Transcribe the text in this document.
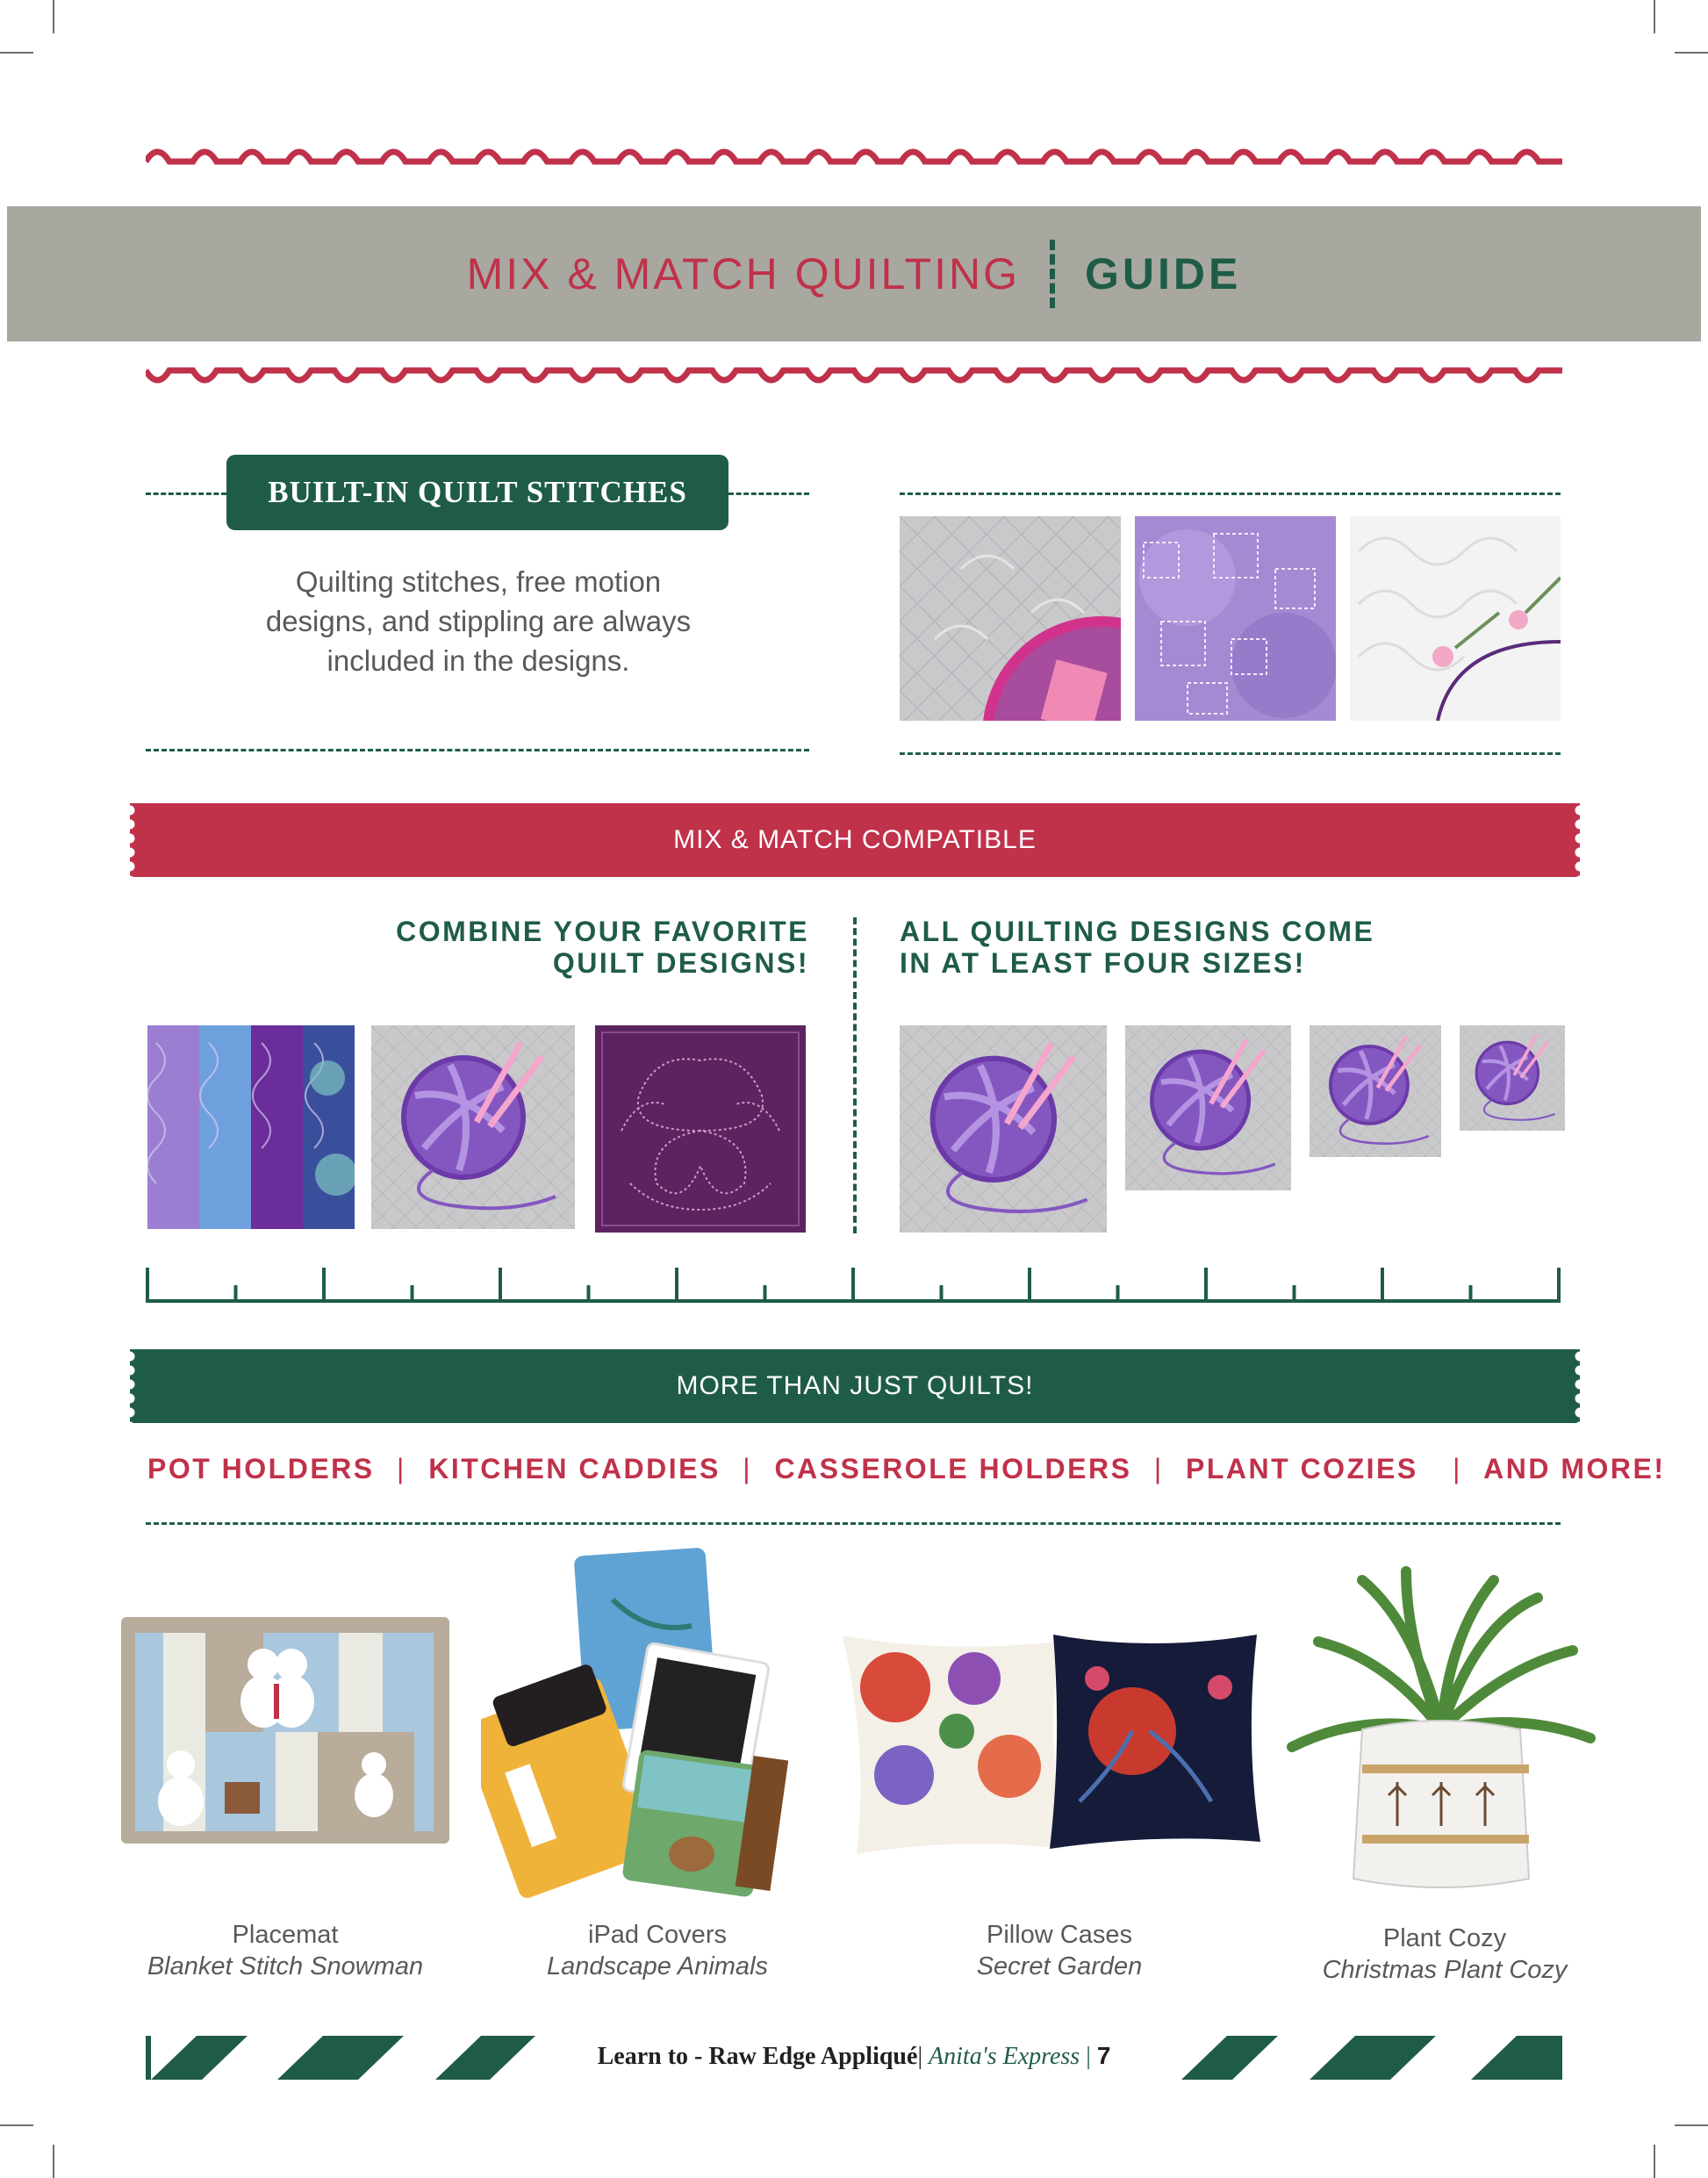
MIX & MATCH QUILTING GUIDE
BUILT-IN QUILT STITCHES
Quilting stitches, free motion
designs, and stippling are always
included in the designs.
MIX & MATCH COMPATIBLE
COMBINE YOUR FAVORITE
QUILT DESIGNS!
ALL QUILTING DESIGNS COME
IN AT LEAST FOUR SIZES!
MORE THAN JUST QUILTS!
POT HOLDERS | KITCHEN CADDIES | CASSEROLE HOLDERS | PLANT COZIES | AND MORE!
Placemat
Blanket Stitch Snowman
iPad Covers
Landscape Animals
Pillow Cases
Secret Garden
Plant Cozy
Christmas Plant Cozy
Learn to - Raw Edge Appliqué| Anita's Express | 7
